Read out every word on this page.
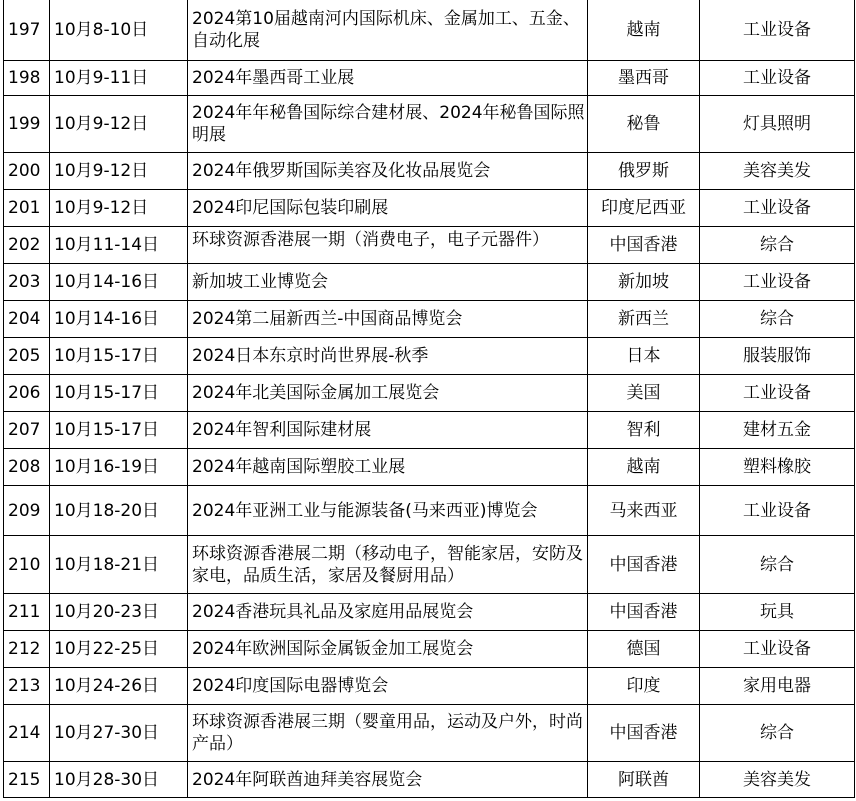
197	10月8-10日	2024第10届越南河内国际机床、金属加工、五金、自动化展	越南	工业设备
198	10月9-11日	2024年墨西哥工业展	墨西哥	工业设备
199	10月9-12日	2024年年秘鲁国际综合建材展、2024年秘鲁国际照明展	秘鲁	灯具照明
200	10月9-12日	2024年俄罗斯国际美容及化妆品展览会	俄罗斯	美容美发
201	10月9-12日	2024印尼国际包装印刷展	印度尼西亚	工业设备
202	10月11-14日	环球资源香港展一期（消费电子，电子元器件）	中国香港	综合
203	10月14-16日	新加坡工业博览会	新加坡	工业设备
204	10月14-16日	2024第二届新西兰-中国商品博览会	新西兰	综合
205	10月15-17日	2024日本东京时尚世界展-秋季	日本	服装服饰
206	10月15-17日	2024年北美国际金属加工展览会	美国	工业设备
207	10月15-17日	2024年智利国际建材展	智利	建材五金
208	10月16-19日	2024年越南国际塑胶工业展	越南	塑料橡胶
209	10月18-20日	2024年亚洲工业与能源装备(马来西亚)博览会	马来西亚	工业设备
210	10月18-21日	环球资源香港展二期（移动电子，智能家居，安防及家电，品质生活，家居及餐厨用品）	中国香港	综合
211	10月20-23日	2024香港玩具礼品及家庭用品展览会	中国香港	玩具
212	10月22-25日	2024年欧洲国际金属钣金加工展览会	德国	工业设备
213	10月24-26日	2024印度国际电器博览会	印度	家用电器
214	10月27-30日	环球资源香港展三期（婴童用品，运动及户外，时尚产品）	中国香港	综合
215	10月28-30日	2024年阿联酋迪拜美容展览会	阿联酋	美容美发
